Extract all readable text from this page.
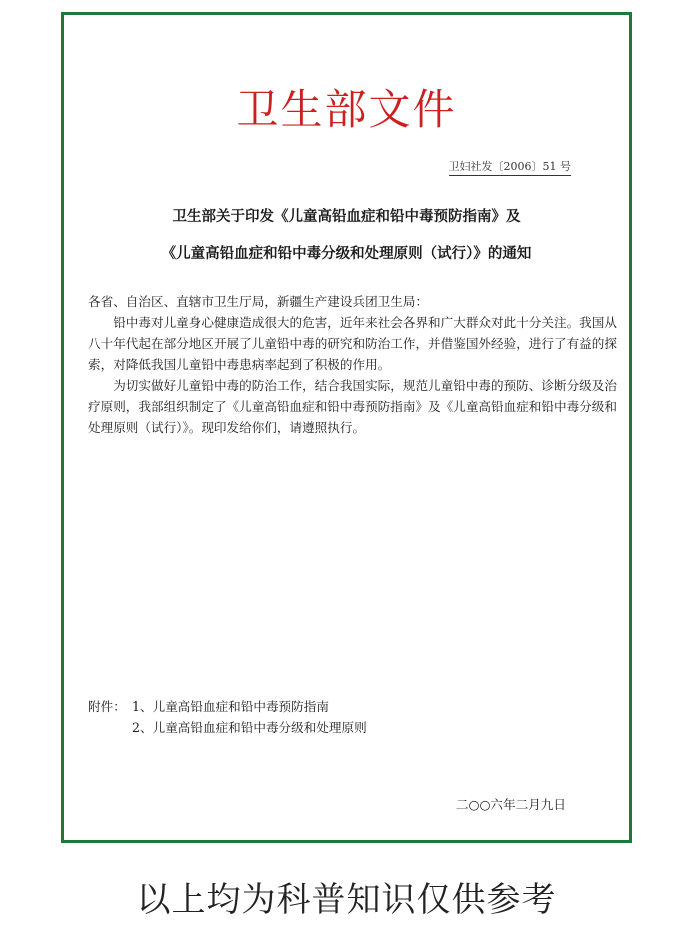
卫生部文件
卫妇社发〔2006〕51 号
卫生部关于印发《儿童高铅血症和铅中毒预防指南》及
《儿童高铅血症和铅中毒分级和处理原则（试行）》的通知

各省、自治区、直辖市卫生厅局，新疆生产建设兵团卫生局：

铅中毒对儿童身心健康造成很大的危害，近年来社会各界和广大群众对此十分关注。我国从八十年代起在部分地区开展了儿童铅中毒的研究和防治工作，并借鉴国外经验，进行了有益的探索，对降低我国儿童铅中毒患病率起到了积极的作用。

为切实做好儿童铅中毒的防治工作，结合我国实际，规范儿童铅中毒的预防、诊断分级及治疗原则，我部组织制定了《儿童高铅血症和铅中毒预防指南》及《儿童高铅血症和铅中毒分级和处理原则（试行）》。现印发给你们，请遵照执行。

附件： 1、儿童高铅血症和铅中毒预防指南
2、儿童高铅血症和铅中毒分级和处理原则
二○○六年二月九日
以上均为科普知识仅供参考
